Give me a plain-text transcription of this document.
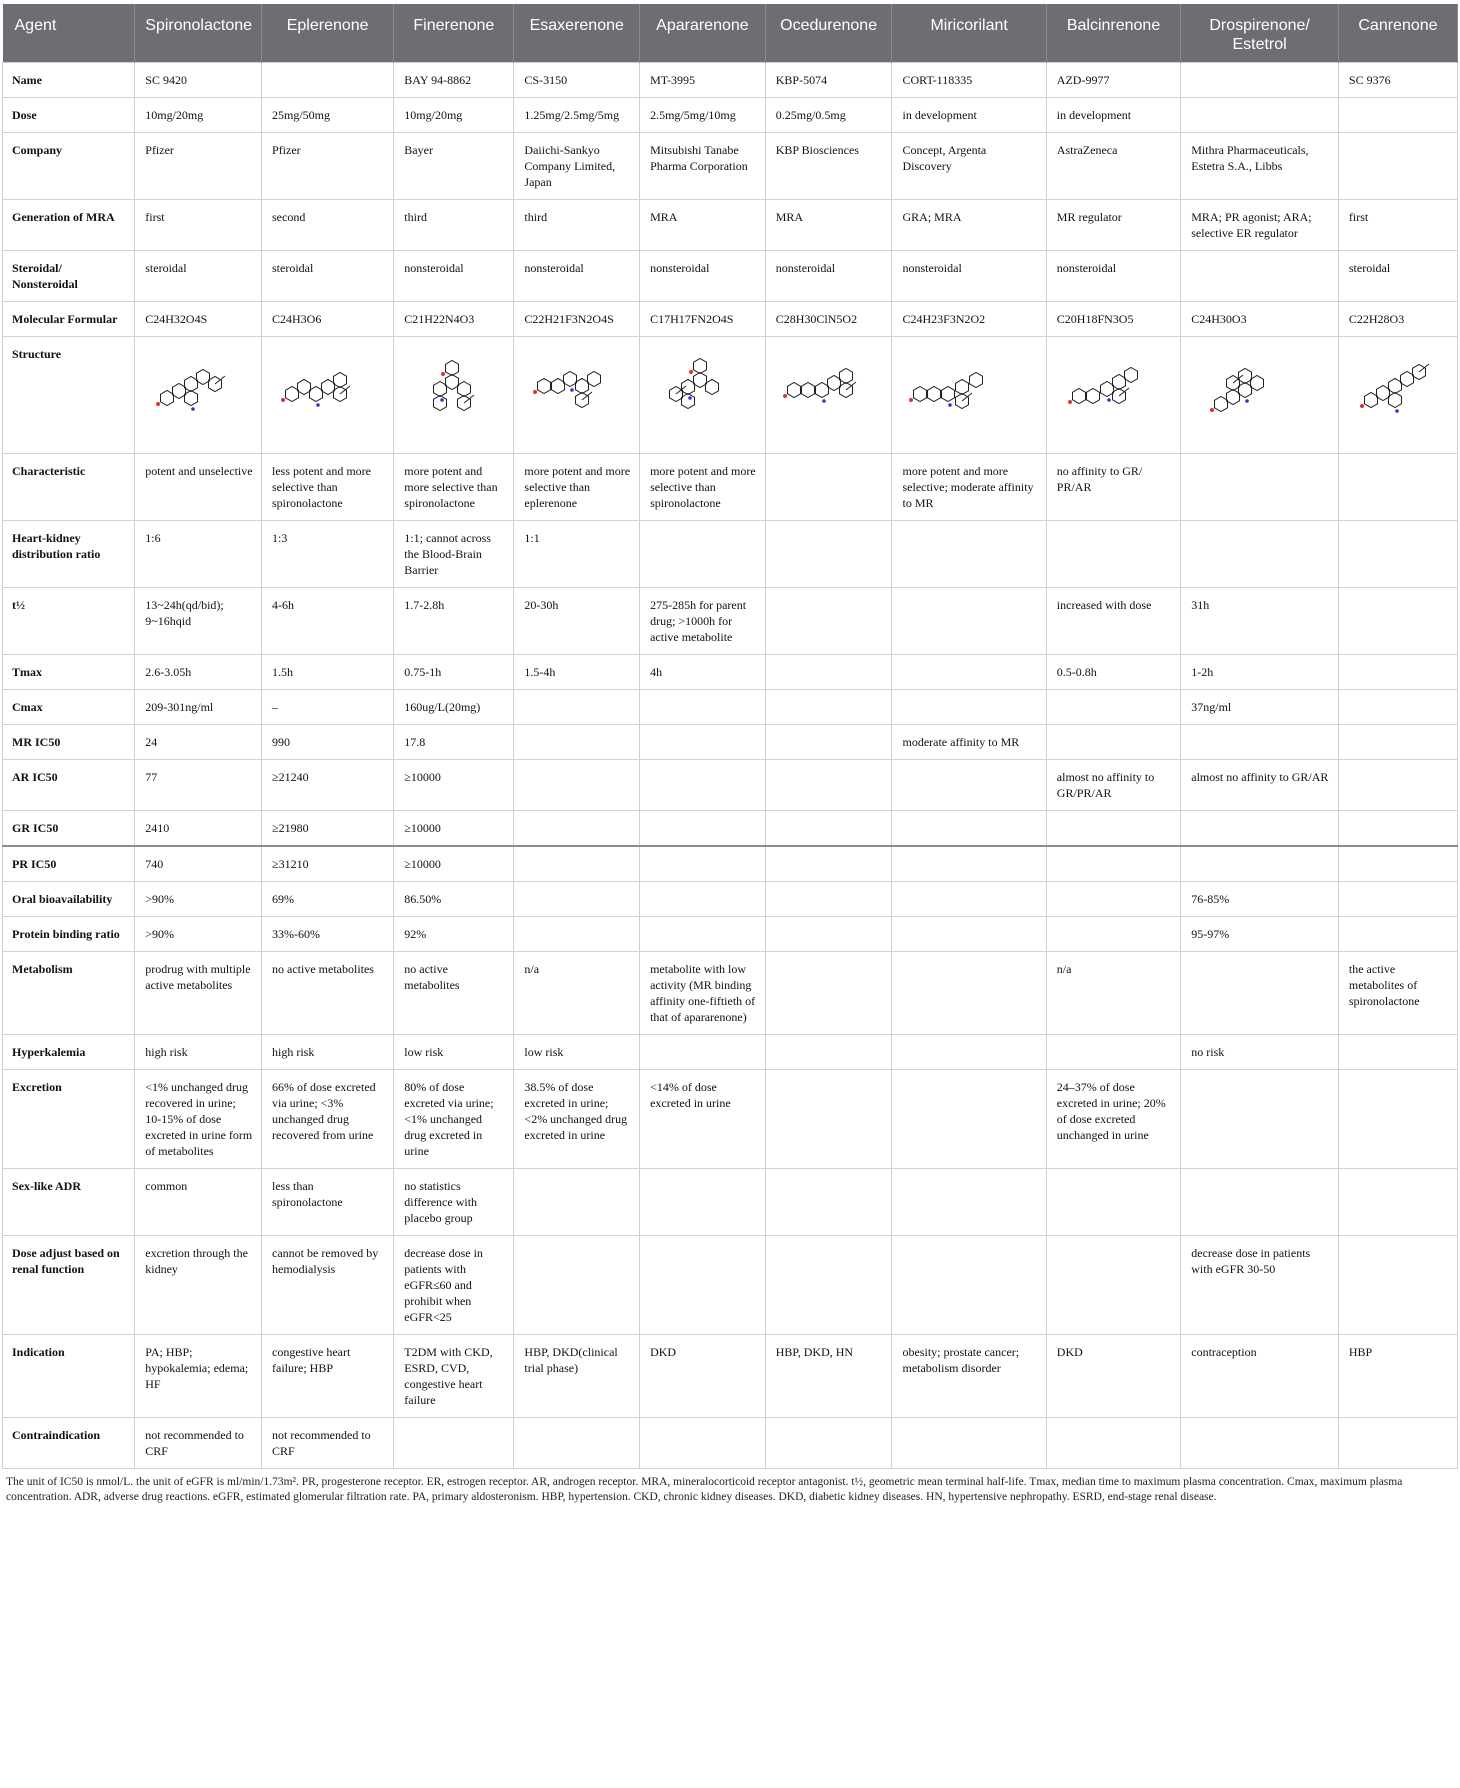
Agent	Spironolactone	Eplerenone	Finerenone	Esaxerenone	Apararenone	Ocedurenone	Miricorilant	Balcinrenone	Drospirenone/ Estetrol	Canrenone
Name	SC 9420		BAY 94-8862	CS-3150	MT-3995	KBP-5074	CORT-118335	AZD-9977		SC 9376
Dose	10mg/20mg	25mg/50mg	10mg/20mg	1.25mg/2.5mg/5mg	2.5mg/5mg/10mg	0.25mg/0.5mg	in development	in development		
Company	Pfizer	Pfizer	Bayer	Daiichi-Sankyo Company Limited, Japan	Mitsubishi Tanabe Pharma Corporation	KBP Biosciences	Concept, Argenta Discovery	AstraZeneca	Mithra Pharmaceuticals, Estetra S.A., Libbs	
Generation of MRA	first	second	third	third	MRA	MRA	GRA; MRA	MR regulator	MRA; PR agonist; ARA; selective ER regulator	first
Steroidal/ Nonsteroidal	steroidal	steroidal	nonsteroidal	nonsteroidal	nonsteroidal	nonsteroidal	nonsteroidal	nonsteroidal		steroidal
Molecular Formular	C24H32O4S	C24H3O6	C21H22N4O3	C22H21F3N2O4S	C17H17FN2O4S	C28H30ClN5O2	C24H23F3N2O2	C20H18FN3O5	C24H30O3	C22H28O3
Structure	

Characteristic	potent and unselective	less potent and more selective than spironolactone	more potent and more selective than spironolactone	more potent and more selective than eplerenone	more potent and more selective than spironolactone		more potent and more selective; moderate affinity to MR	no affinity to GR/ PR/AR		
Heart-kidney distribution ratio	1:6	1:3	1:1; cannot across the Blood-Brain Barrier	1:1						
t½	13~24h(qd/bid); 9~16hqid	4-6h	1.7-2.8h	20-30h	275-285h for parent drug; >1000h for active metabolite			increased with dose	31h	
Tmax	2.6-3.05h	1.5h	0.75-1h	1.5-4h	4h			0.5-0.8h	1-2h	
Cmax	209-301ng/ml	–	160ug/L(20mg)						37ng/ml	
MR IC50	24	990	17.8				moderate affinity to MR			
AR IC50	77	≥21240	≥10000					almost no affinity to GR/PR/AR	almost no affinity to GR/AR	
GR IC50	2410	≥21980	≥10000							
PR IC50	740	≥31210	≥10000							
Oral bioavailability	>90%	69%	86.50%						76-85%	
Protein binding ratio	>90%	33%-60%	92%						95-97%	
Metabolism	prodrug with multiple active metabolites	no active metabolites	no active metabolites	n/a	metabolite with low activity (MR binding affinity one-fiftieth of that of apararenone)			n/a		the active metabolites of spironolactone
Hyperkalemia	high risk	high risk	low risk	low risk					no risk	
Excretion	<1% unchanged drug recovered in urine; 10-15% of dose excreted in urine form of metabolites	66% of dose excreted via urine; <3% unchanged drug recovered from urine	80% of dose excreted via urine; <1% unchanged drug excreted in urine	38.5% of dose excreted in urine; <2% unchanged drug excreted in urine	<14% of dose excreted in urine			24–37% of dose excreted in urine; 20% of dose excreted unchanged in urine		
Sex-like ADR	common	less than spironolactone	no statistics difference with placebo group							
Dose adjust based on renal function	excretion through the kidney	cannot be removed by hemodialysis	decrease dose in patients with eGFR≤60 and prohibit when eGFR<25						decrease dose in patients with eGFR 30-50	
Indication	PA; HBP; hypokalemia; edema; HF	congestive heart failure; HBP	T2DM with CKD, ESRD, CVD, congestive heart failure	HBP, DKD(clinical trial phase)	DKD	HBP, DKD, HN	obesity; prostate cancer; metabolism disorder	DKD	contraception	HBP
Contraindication	not recommended to CRF	not recommended to CRF								
The unit of IC50 is nmol/L. the unit of eGFR is ml/min/1.73m². PR, progesterone receptor. ER, estrogen receptor. AR, androgen receptor. MRA, mineralocorticoid receptor antagonist. t½, geometric mean terminal half-life. Tmax, median time to maximum plasma concentration. Cmax, maximum plasma concentration. ADR, adverse drug reactions. eGFR, estimated glomerular filtration rate. PA, primary aldosteronism. HBP, hypertension. CKD, chronic kidney diseases. DKD, diabetic kidney diseases. HN, hypertensive nephropathy. ESRD, end-stage renal disease.
